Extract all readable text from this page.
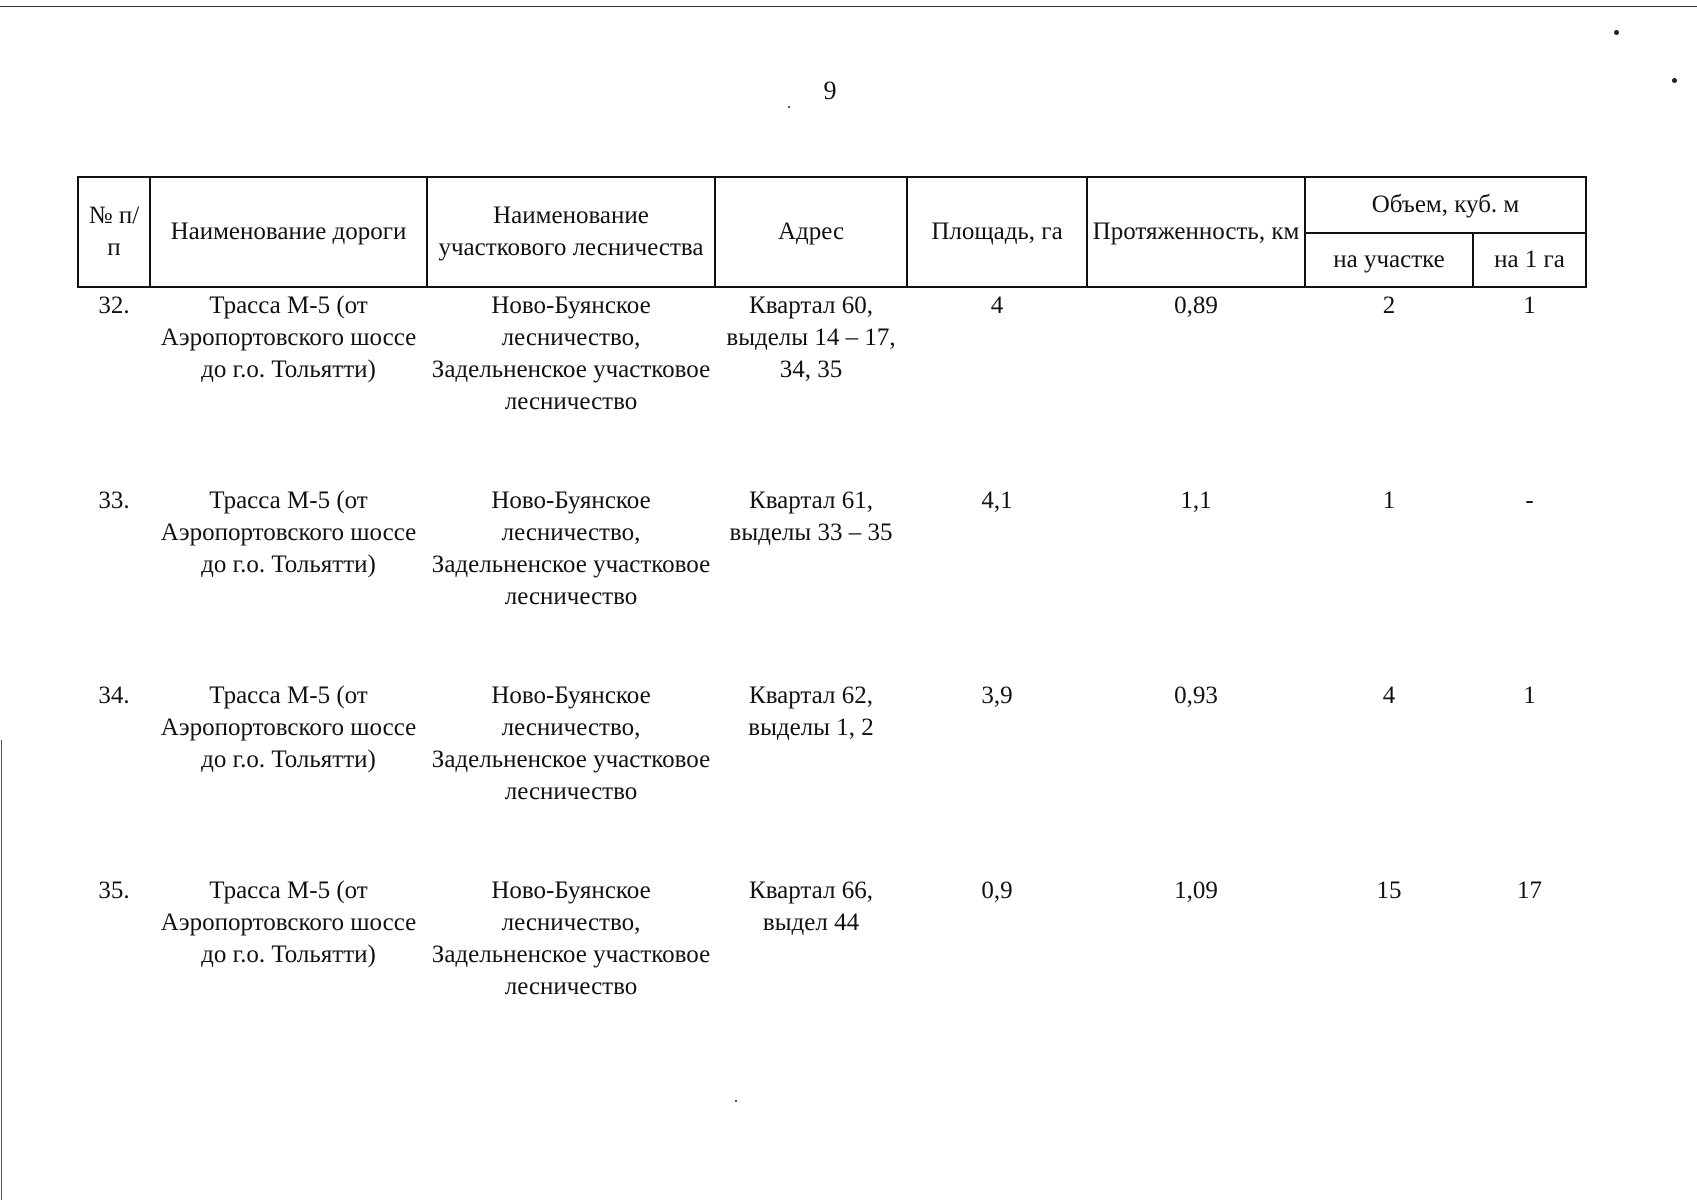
9
№ п/п	Наименование дороги	Наименование участкового лесничества	Адрес	Площадь, га	Протяженность, км	Объем, куб. м	
						на участке	на 1 га
32.	Трасса М-5 (от Аэропортовского шоссе до г.о. Тольятти)	Ново-Буянское лесничество, Задельненское участковое лесничество	Квартал 60, выделы 14 – 17, 34, 35	4	0,89	2	1
33.	Трасса М-5 (от Аэропортовского шоссе до г.о. Тольятти)	Ново-Буянское лесничество, Задельненское участковое лесничество	Квартал 61, выделы 33 – 35	4,1	1,1	1	-
34.	Трасса М-5 (от Аэропортовского шоссе до г.о. Тольятти)	Ново-Буянское лесничество, Задельненское участковое лесничество	Квартал 62, выделы 1, 2	3,9	0,93	4	1
35.	Трасса М-5 (от Аэропортовского шоссе до г.о. Тольятти)	Ново-Буянское лесничество, Задельненское участковое лесничество	Квартал 66, выдел 44	0,9	1,09	15	17
